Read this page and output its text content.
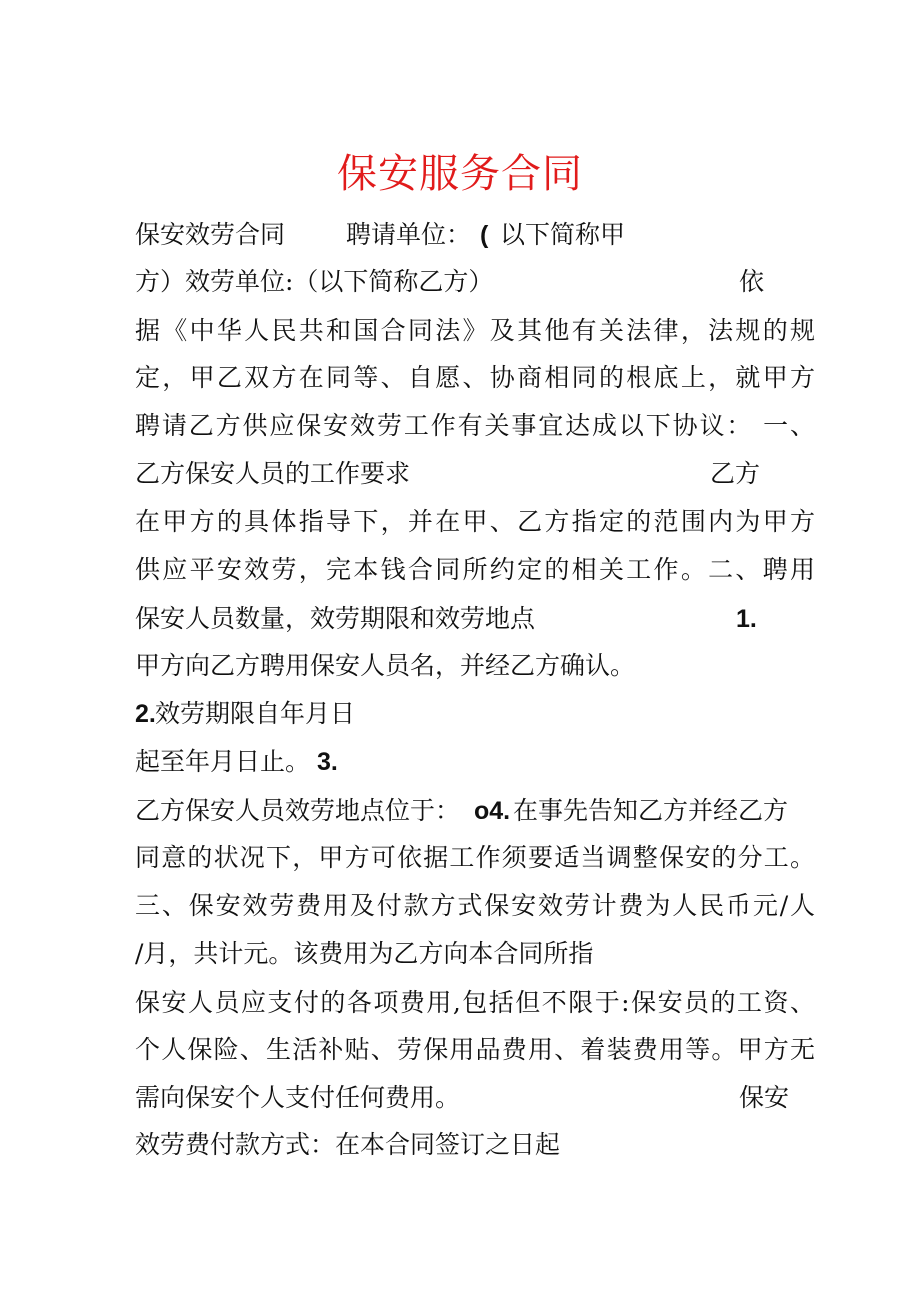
保安服务合同
保安效劳合同 聘请单位： ( 以下简称甲
方）效劳单位:（以下简称乙方）	依
据《中华人民共和国合同法》及其他有关法律，法规的规
定，甲乙双方在同等、自愿、协商相同的根底上，就甲方
聘请乙方供应保安效劳工作有关事宜达成以下协议： 一、
乙方保安人员的工作要求	乙方
在甲方的具体指导下，并在甲、乙方指定的范围内为甲方
供应平安效劳，完本钱合同所约定的相关工作。二、聘用
保安人员数量，效劳期限和效劳地点	1.
甲方向乙方聘用保安人员名，并经乙方确认。
2. 效劳期限自年月日
起至年月日止。 3.
乙方保安人员效劳地点位于： o4. 在事先告知乙方并经乙方
同意的状况下，甲方可依据工作须要适当调整保安的分工。
三、保安效劳费用及付款方式保安效劳计费为人民币元/人
/月，共计元。该费用为乙方向本合同所指
保安人员应支付的各项费用,包括但不限于:保安员的工资、
个人保险、生活补贴、劳保用品费用、着装费用等。甲方无
需向保安个人支付任何费用。	保安
效劳费付款方式：在本合同签订之日起
